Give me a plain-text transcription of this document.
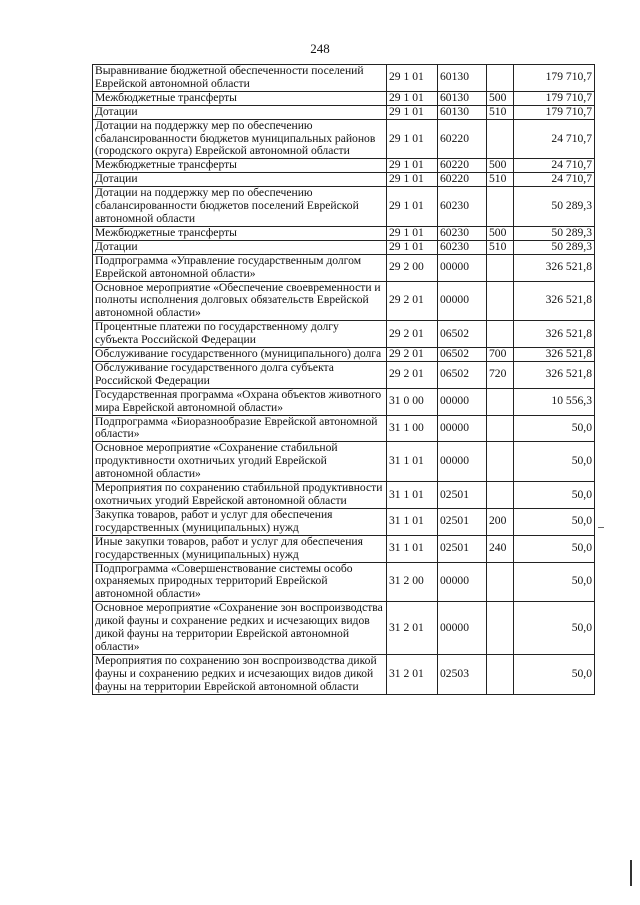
248
Выравнивание бюджетной обеспеченности поселений Еврейской автономной области	29 1 01	60130		179 710,7
Межбюджетные трансферты	29 1 01	60130	500	179 710,7
Дотации	29 1 01	60130	510	179 710,7
Дотации на поддержку мер по обеспечению сбалансированности бюджетов муниципальных районов (городского округа) Еврейской автономной области	29 1 01	60220		24 710,7
Межбюджетные трансферты	29 1 01	60220	500	24 710,7
Дотации	29 1 01	60220	510	24 710,7
Дотации на поддержку мер по обеспечению сбалансированности бюджетов поселений Еврейской автономной области	29 1 01	60230		50 289,3
Межбюджетные трансферты	29 1 01	60230	500	50 289,3
Дотации	29 1 01	60230	510	50 289,3
Подпрограмма «Управление государственным долгом Еврейской автономной области»	29 2 00	00000		326 521,8
Основное мероприятие «Обеспечение своевременности и полноты исполнения долговых обязательств Еврейской автономной области»	29 2 01	00000		326 521,8
Процентные платежи по государственному долгу субъекта Российской Федерации	29 2 01	06502		326 521,8
Обслуживание государственного (муниципального) долга	29 2 01	06502	700	326 521,8
Обслуживание государственного долга субъекта Российской Федерации	29 2 01	06502	720	326 521,8
Государственная программа «Охрана объектов животного мира Еврейской автономной области»	31 0 00	00000		10 556,3
Подпрограмма «Биоразнообразие Еврейской автономной области»	31 1 00	00000		50,0
Основное мероприятие «Сохранение стабильной продуктивности охотничьих угодий Еврейской автономной области»	31 1 01	00000		50,0
Мероприятия по сохранению стабильной продуктивности охотничьих угодий Еврейской автономной области	31 1 01	02501		50,0
Закупка товаров, работ и услуг для обеспечения государственных (муниципальных) нужд	31 1 01	02501	200	50,0
Иные закупки товаров, работ и услуг для обеспечения государственных (муниципальных) нужд	31 1 01	02501	240	50,0
Подпрограмма «Совершенствование системы особо охраняемых природных территорий Еврейской автономной области»	31 2 00	00000		50,0
Основное мероприятие «Сохранение зон воспроизводства дикой фауны и сохранение редких и исчезающих видов дикой фауны на территории Еврейской автономной области»	31 2 01	00000		50,0
Мероприятия по сохранению зон воспроизводства дикой фауны и сохранению редких и исчезающих видов дикой фауны на территории Еврейской автономной области	31 2 01	02503		50,0
